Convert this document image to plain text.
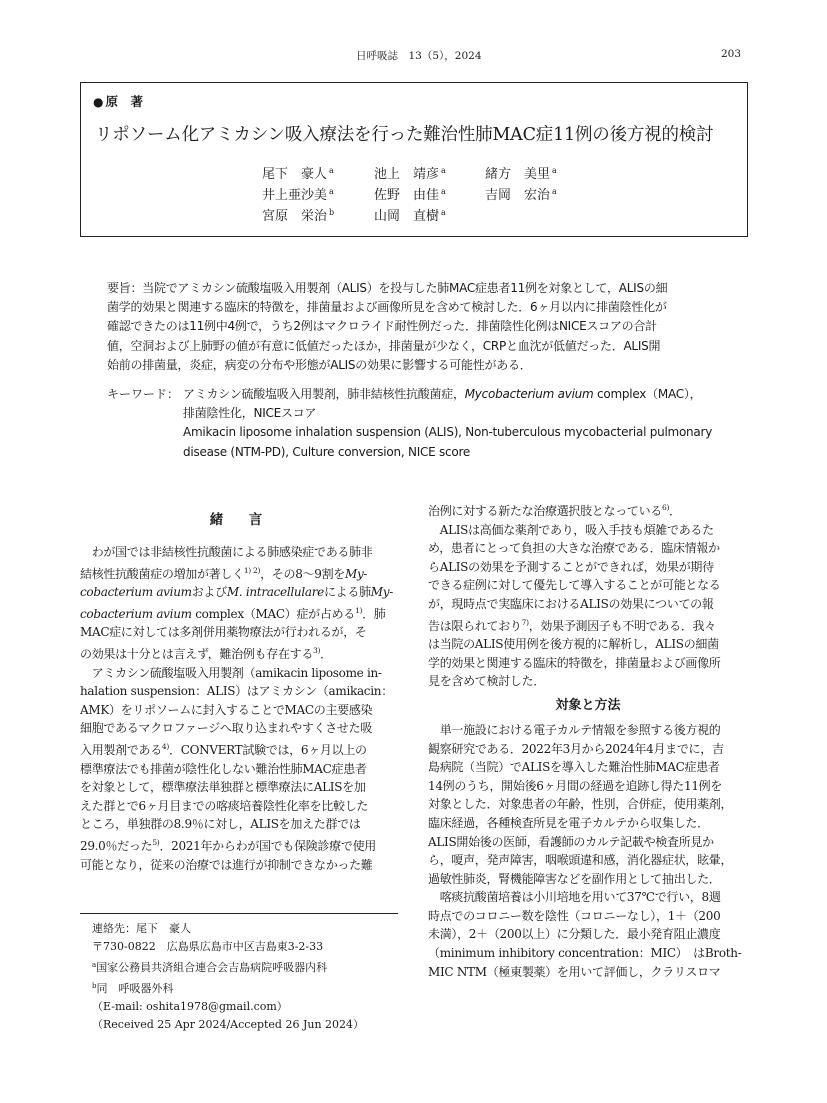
日呼吸誌　13（5），2024	203
● 原　著
リポソーム化アミカシン吸入療法を行った難治性肺MAC症11例の後方視的検討
尾下　豪人 $^a$	池上　靖彦 $^a$	緒方　美里 $^a$
井上亜沙美 $^a$	佐野　由佳 $^a$	吉岡　宏治 $^a$
宮原　栄治 $^b$	山岡　直樹 $^a$

要旨：当院でアミカシン硫酸塩吸入用製剤（ALIS）を投与した肺MAC症患者11例を対象として，ALISの細

菌学的効果と関連する臨床的特徴を，排菌量および画像所見を含めて検討した．6ヶ月以内に排菌陰性化が

確認できたのは11例中4例で，うち2例はマクロライド耐性例だった．排菌陰性化例はNICEスコアの合計

値，空洞および上肺野の値が有意に低値だったほか，排菌量が少なく，CRPと血沈が低値だった．ALIS開

始前の排菌量，炎症，病変の分布や形態がALISの効果に影響する可能性がある．

キーワード： アミカシン硫酸塩吸入用製剤，肺非結核性抗酸菌症，Mycobacterium avium complex（MAC），

排菌陰性化，NICEスコア

Amikacin liposome inhalation suspension (ALIS), Non-tuberculous mycobacterial pulmonary

disease (NTM-PD), Culture conversion, NICE score

緒　言

　わが国では非結核性抗酸菌による肺感染症である肺非

結核性抗酸菌症の増加が著しく$^{1) 2)}$，その8～9割をMy-

cobacterium aviumおよびM. intracellulareによる肺My-

cobacterium avium complex（MAC）症が占める$^{1)}$．肺

MAC症に対しては多剤併用薬物療法が行われるが，そ

の効果は十分とは言えず，難治例も存在する$^{3)}$．

　アミカシン硫酸塩吸入用製剤（amikacin liposome in-

halation suspension：ALIS）はアミカシン（amikacin：

AMK）をリポソームに封入することでMACの主要感染

細胞であるマクロファージへ取り込まれやすくさせた吸

入用製剤である$^{4)}$．CONVERT試験では，6ヶ月以上の

標準療法でも排菌が陰性化しない難治性肺MAC症患者

を対象として，標準療法単独群と標準療法にALISを加

えた群とで6ヶ月目までの喀痰培養陰性化率を比較した

ところ，単独群の8.9％に対し，ALISを加えた群では

29.0％だった$^{5)}$．2021年からわが国でも保険診療で使用

可能となり，従来の治療では進行が抑制できなかった難

連絡先：尾下　豪人

〒730-0822　広島県広島市中区吉島東3-2-33

$^a$国家公務員共済組合連合会吉島病院呼吸器内科

$^b$同　呼吸器外科

（E-mail: oshita1978@gmail.com）

（Received 25 Apr 2024/Accepted 26 Jun 2024）

治例に対する新たな治療選択肢となっている$^{6)}$．

　ALISは高価な薬剤であり，吸入手技も煩雑であるた

め，患者にとって負担の大きな治療である．臨床情報か

らALISの効果を予測することができれば，効果が期待

できる症例に対して優先して導入することが可能となる

が，現時点で実臨床におけるALISの効果についての報

告は限られており$^{7)}$，効果予測因子も不明である．我々

は当院のALIS使用例を後方視的に解析し，ALISの細菌

学的効果と関連する臨床的特徴を，排菌量および画像所

見を含めて検討した．

対象と方法

　単一施設における電子カルテ情報を参照する後方視的

観察研究である．2022年3月から2024年4月までに，吉

島病院（当院）でALISを導入した難治性肺MAC症患者

14例のうち，開始後6ヶ月間の経過を追跡し得た11例を

対象とした．対象患者の年齢，性別，合併症，使用薬剤，

臨床経過，各種検査所見を電子カルテから収集した．

ALIS開始後の医師，看護師のカルテ記載や検査所見か

ら，嗄声，発声障害，咽喉頭違和感，消化器症状，眩暈，

過敏性肺炎，腎機能障害などを副作用として抽出した．

　喀痰抗酸菌培養は小川培地を用いて37℃で行い，8週

時点でのコロニー数を陰性（コロニーなし），1＋（200

未満），2＋（200以上）に分類した．最小発育阻止濃度

（minimum inhibitory concentration：MIC）　はBroth-

MIC NTM（極東製薬）を用いて評価し，クラリスロマ
